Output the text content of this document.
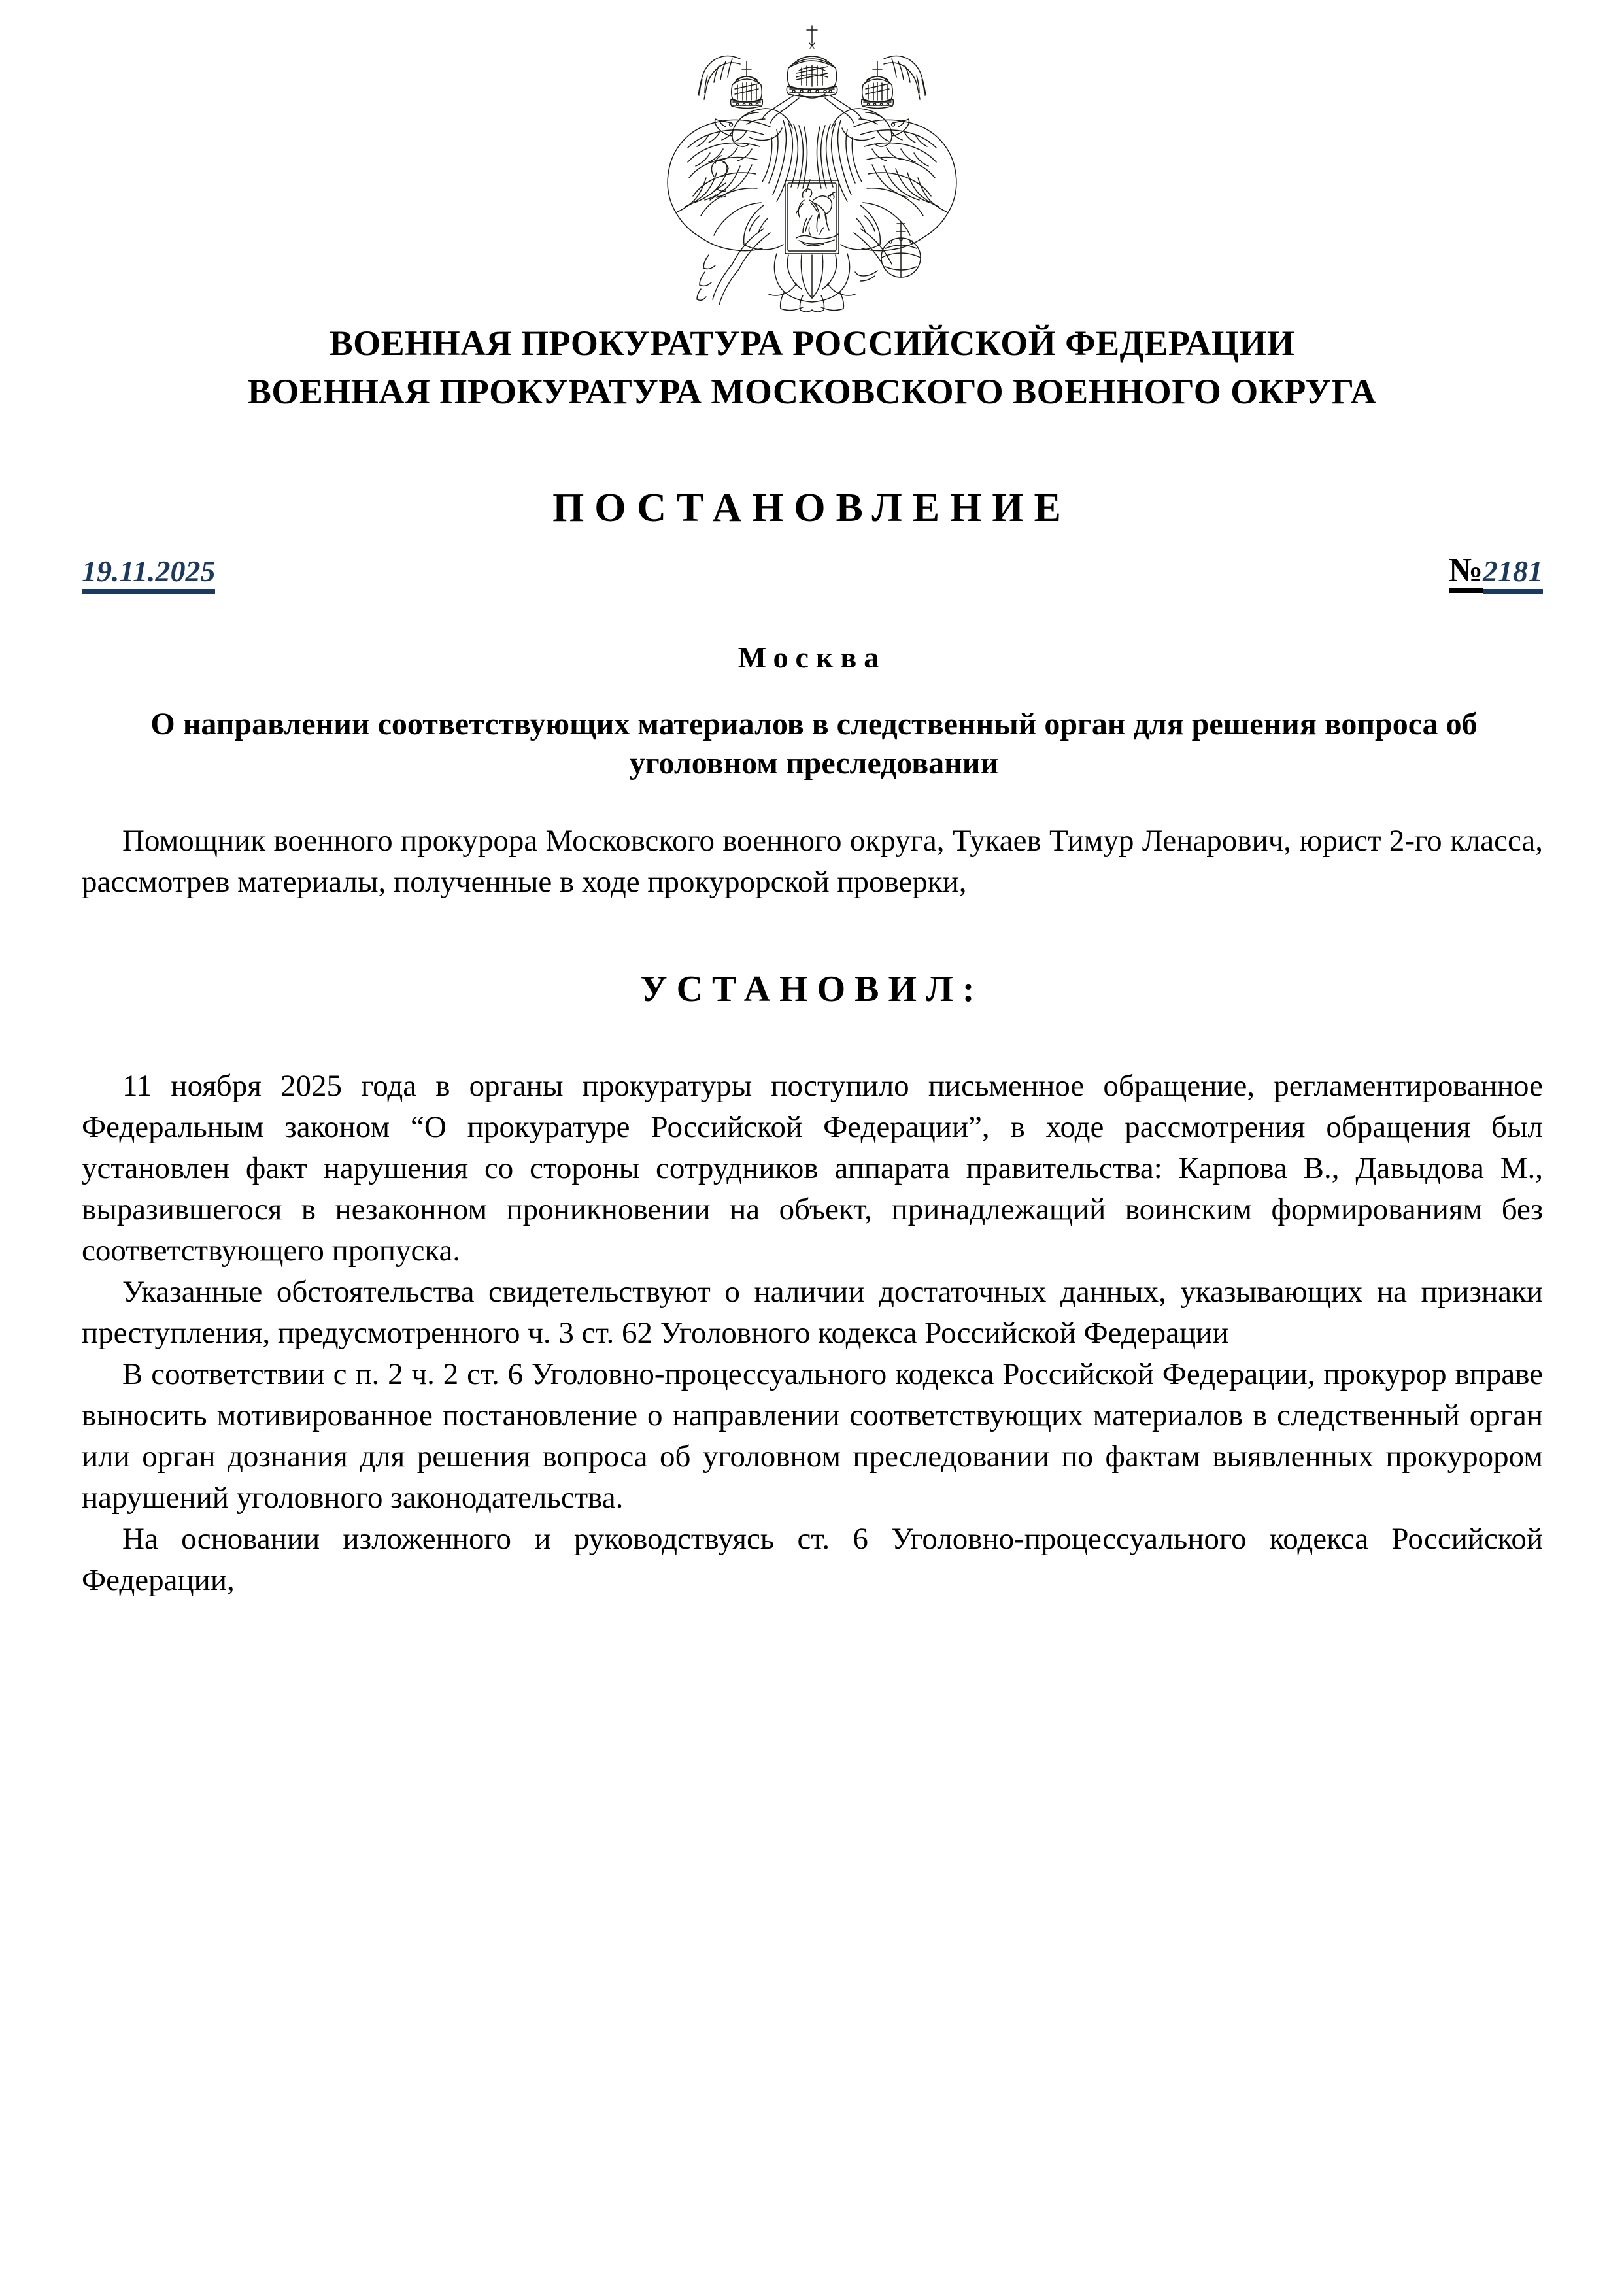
ВОЕННАЯ ПРОКУРАТУРА РОССИЙСКОЙ ФЕДЕРАЦИИ
ВОЕННАЯ ПРОКУРАТУРА МОСКОВСКОГО ВОЕННОГО ОКРУГА
ПОСТАНОВЛЕНИЕ
19.11.2025	№ 2181
Москва
О направлении соответствующих материалов в следственный орган для решения вопроса об уголовном преследовании

Помощник военного прокурора Московского военного округа, Тукаев Тимур Ленарович, юрист 2-го класса, рассмотрев материалы, полученные в ходе прокурорской проверки,

УСТАНОВИЛ:

11 ноября 2025 года в органы прокуратуры поступило письменное обращение, регламентированное Федеральным законом “О прокуратуре Российской Федерации”, в ходе рассмотрения обращения был установлен факт нарушения со стороны сотрудников аппарата правительства: Карпова В., Давыдова М., выразившегося в незаконном проникновении на объект, принадлежащий воинским формированиям без соответствующего пропуска.

Указанные обстоятельства свидетельствуют о наличии достаточных данных, указывающих на признаки преступления, предусмотренного ч. 3 ст. 62 Уголовного кодекса Российской Федерации

В соответствии с п. 2 ч. 2 ст. 6 Уголовно-процессуального кодекса Российской Федерации, прокурор вправе выносить мотивированное постановление о направлении соответствующих материалов в следственный орган или орган дознания для решения вопроса об уголовном преследовании по фактам выявленных прокурором нарушений уголовного законодательства.

На основании изложенного и руководствуясь ст. 6 Уголовно-процессуального кодекса Российской Федерации,
